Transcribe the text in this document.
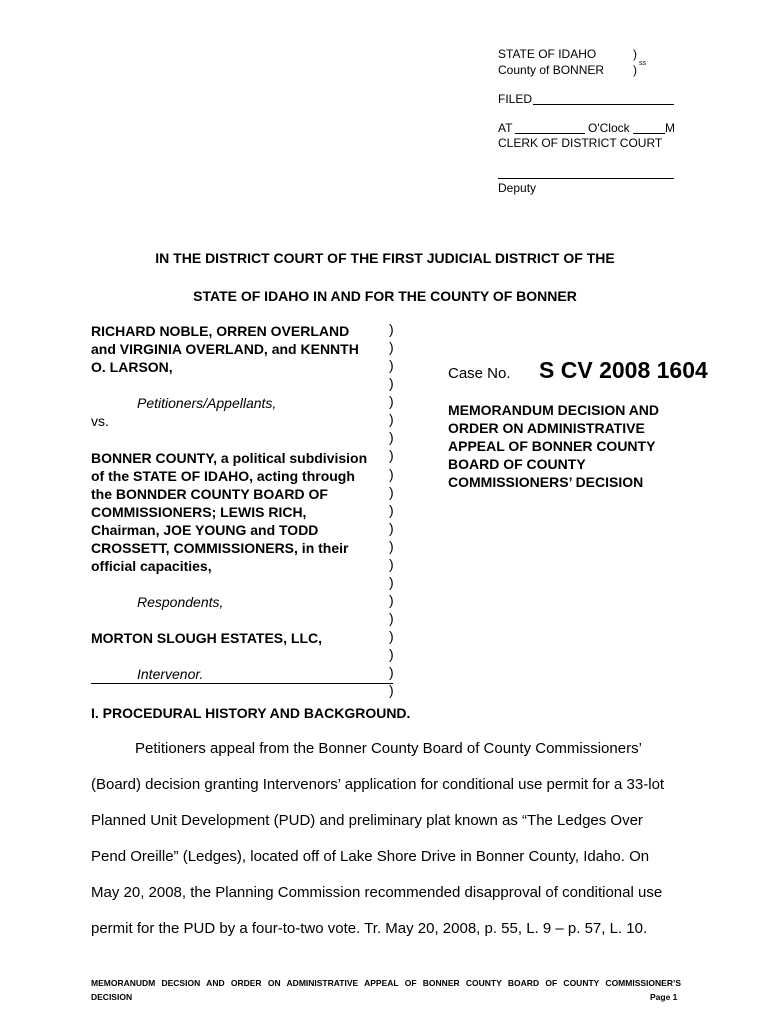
STATE OF IDAHO	)
County of BONNER ) ss
FILED
AT	O'Clock	M
CLERK OF DISTRICT COURT
Deputy
IN THE DISTRICT COURT OF THE FIRST JUDICIAL DISTRICT OF THE
STATE OF IDAHO IN AND FOR THE COUNTY OF BONNER
RICHARD NOBLE, ORREN OVERLAND
and VIRGINIA OVERLAND, and KENNTH
O. LARSON,
Petitioners/Appellants,
vs.
BONNER COUNTY, a political subdivision
of the STATE OF IDAHO, acting through
the BONNDER COUNTY BOARD OF
COMMISSIONERS; LEWIS RICH,
Chairman, JOE YOUNG and TODD
CROSSETT, COMMISSIONERS, in their
official capacities,
Respondents,
MORTON SLOUGH ESTATES, LLC,
Intervenor.
)
)
)
)
)
)
)
)
)
)
)
)
)
)
)
)
)
)
)
)
)
Case No. S CV 2008 1604
MEMORANDUM DECISION AND
ORDER ON ADMINISTRATIVE
APPEAL OF BONNER COUNTY
BOARD OF COUNTY
COMMISSIONERS’ DECISION
I. PROCEDURAL HISTORY AND BACKGROUND.
Petitioners appeal from the Bonner County Board of County Commissioners’
(Board) decision granting Intervenors’ application for conditional use permit for a 33-lot
Planned Unit Development (PUD) and preliminary plat known as “The Ledges Over
Pend Oreille” (Ledges), located off of Lake Shore Drive in Bonner County, Idaho. On
May 20, 2008, the Planning Commission recommended disapproval of conditional use
permit for the PUD by a four-to-two vote. Tr. May 20, 2008, p. 55, L. 9 – p. 57, L. 10.
MEMORANUDM DECSION AND ORDER ON ADMINISTRATIVE APPEAL OF BONNER COUNTY BOARD OF COUNTY COMMISSIONER’S
DECISION	Page 1
